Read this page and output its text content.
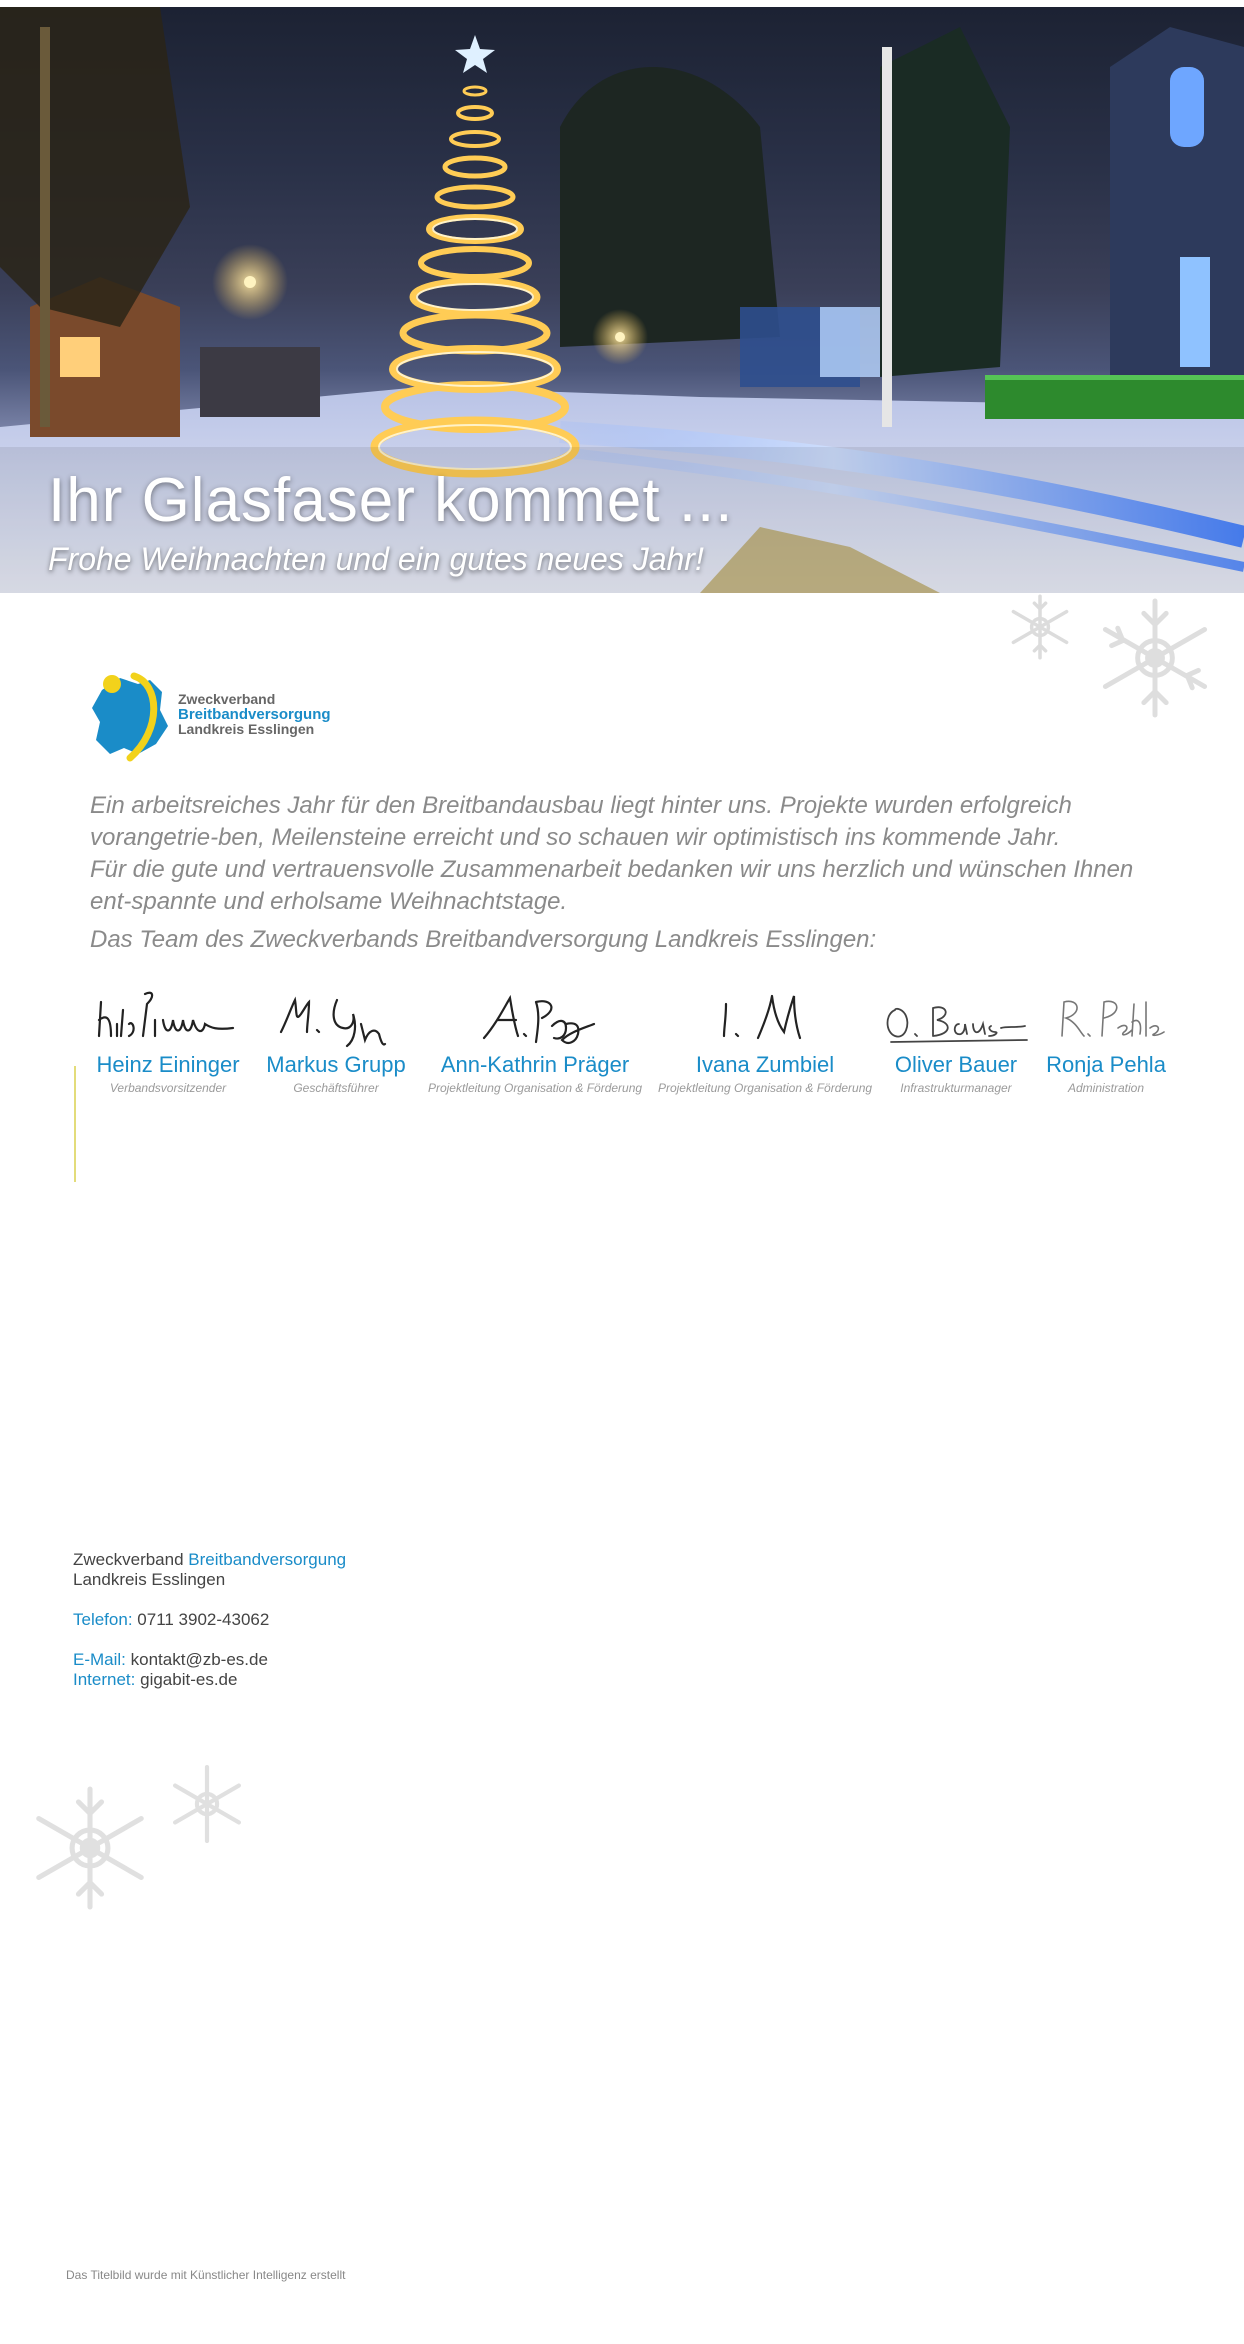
Ihr Glasfaser kommet ...

Frohe Weihnachten und ein gutes neues Jahr!

Zweckverband
Breitbandversorgung
Landkreis Esslingen

Ein arbeitsreiches Jahr für den Breitbandausbau liegt hinter uns. Projekte wurden erfolgreich vorangetrie-ben, Meilensteine erreicht und so schauen wir optimistisch ins kommende Jahr.

Für die gute und vertrauensvolle Zusammenarbeit bedanken wir uns herzlich und wünschen Ihnen ent-spannte und erholsame Weihnachtstage.

Das Team des Zweckverbands Breitbandversorgung Landkreis Esslingen:

Heinz Eininger
Verbandsvorsitzender
Markus Grupp
Geschäftsführer
Ann-Kathrin Präger
Projektleitung Organisation & Förderung
Ivana Zumbiel
Projektleitung Organisation & Förderung
Oliver Bauer
Infrastrukturmanager
Ronja Pehla
Administration
Zweckverband Breitbandversorgung
Landkreis Esslingen
Telefon: 0711 3902-43062
E-Mail: kontakt@zb-es.de
Internet: gigabit-es.de
Das Titelbild wurde mit Künstlicher Intelligenz erstellt
